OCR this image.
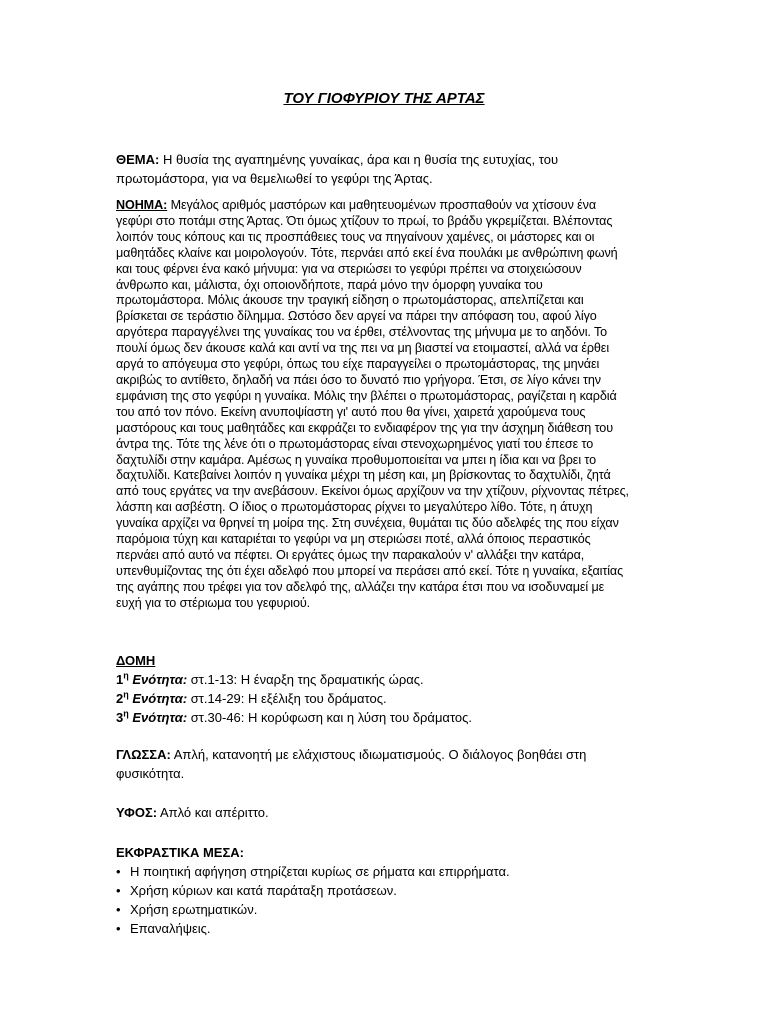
ΤΟΥ ΓΙΟΦΥΡΙΟΥ ΤΗΣ ΑΡΤΑΣ

ΘΕΜΑ: Η θυσία της αγαπημένης γυναίκας, άρα και η θυσία της ευτυχίας, του πρωτομάστορα, για να θεμελιωθεί το γεφύρι της Άρτας.

ΝΟΗΜΑ: Μεγάλος αριθμός μαστόρων και μαθητευομένων προσπαθούν να χτίσουν ένα γεφύρι στο ποτάμι στης Άρτας. Ότι όμως χτίζουν το πρωί, το βράδυ γκρεμίζεται. Βλέποντας λοιπόν τους κόπους και τις προσπάθειες τους να πηγαίνουν χαμένες, οι μάστορες και οι μαθητάδες κλαίνε και μοιρολογούν. Τότε, περνάει από εκεί ένα πουλάκι με ανθρώπινη φωνή και τους φέρνει ένα κακό μήνυμα: για να στεριώσει το γεφύρι πρέπει να στοιχειώσουν άνθρωπο και, μάλιστα, όχι οποιονδήποτε, παρά μόνο την όμορφη γυναίκα του πρωτομάστορα. Μόλις άκουσε την τραγική είδηση ο πρωτομάστορας, απελπίζεται και βρίσκεται σε τεράστιο δίλημμα. Ωστόσο δεν αργεί να πάρει την απόφαση του, αφού λίγο αργότερα παραγγέλνει της γυναίκας του να έρθει, στέλνοντας της μήνυμα με το αηδόνι. Το πουλί όμως δεν άκουσε καλά και αντί να της πει να μη βιαστεί να ετοιμαστεί, αλλά να έρθει αργά το απόγευμα στο γεφύρι, όπως του είχε παραγγείλει ο πρωτομάστορας, της μηνάει ακριβώς το αντίθετο, δηλαδή να πάει όσο το δυνατό πιο γρήγορα. Έτσι, σε λίγο κάνει την εμφάνιση της στο γεφύρι η γυναίκα. Μόλις την βλέπει ο πρωτομάστορας, ραγίζεται η καρδιά του από τον πόνο. Εκείνη ανυποψίαστη γι' αυτό που θα γίνει, χαιρετά χαρούμενα τους μαστόρους και τους μαθητάδες και εκφράζει το ενδιαφέρον της για την άσχημη διάθεση του άντρα της. Τότε της λένε ότι ο πρωτομάστορας είναι στενοχωρημένος γιατί του έπεσε το δαχτυλίδι στην καμάρα. Αμέσως η γυναίκα προθυμοποιείται να μπει η ίδια και να βρει το δαχτυλίδι. Κατεβαίνει λοιπόν η γυναίκα μέχρι τη μέση και, μη βρίσκοντας το δαχτυλίδι, ζητά από τους εργάτες να την ανεβάσουν. Εκείνοι όμως αρχίζουν να την χτίζουν, ρίχνοντας πέτρες, λάσπη και ασβέστη. Ο ίδιος ο πρωτομάστορας ρίχνει το μεγαλύτερο λίθο. Τότε, η άτυχη γυναίκα αρχίζει να θρηνεί τη μοίρα της. Στη συνέχεια, θυμάται τις δύο αδελφές της που είχαν παρόμοια τύχη και καταριέται το γεφύρι να μη στεριώσει ποτέ, αλλά όποιος περαστικός περνάει από αυτό να πέφτει. Οι εργάτες όμως την παρακαλούν ν' αλλάξει την κατάρα, υπενθυμίζοντας της ότι έχει αδελφό που μπορεί να περάσει από εκεί. Τότε η γυναίκα, εξαιτίας της αγάπης που τρέφει για τον αδελφό της, αλλάζει την κατάρα έτσι που να ισοδυναμεί με ευχή για το στέριωμα του γεφυριού.

ΔΟΜΗ

$1^\eta$ Ενότητα: στ.1-13: Η έναρξη της δραματικής ώρας.

$2^\eta$ Ενότητα: στ.14-29: Η εξέλιξη του δράματος.

$3^\eta$ Ενότητα: στ.30-46: Η κορύφωση και η λύση του δράματος.

ΓΛΩΣΣΑ: Απλή, κατανοητή με ελάχιστους ιδιωματισμούς. Ο διάλογος βοηθάει στη φυσικότητα.

ΥΦΟΣ: Απλό και απέριττο.

ΕΚΦΡΑΣΤΙΚΑ ΜΕΣΑ:

• Η ποιητική αφήγηση στηρίζεται κυρίως σε ρήματα και επιρρήματα.
• Χρήση κύριων και κατά παράταξη προτάσεων.
• Χρήση ερωτηματικών.
• Επαναλήψεις.
